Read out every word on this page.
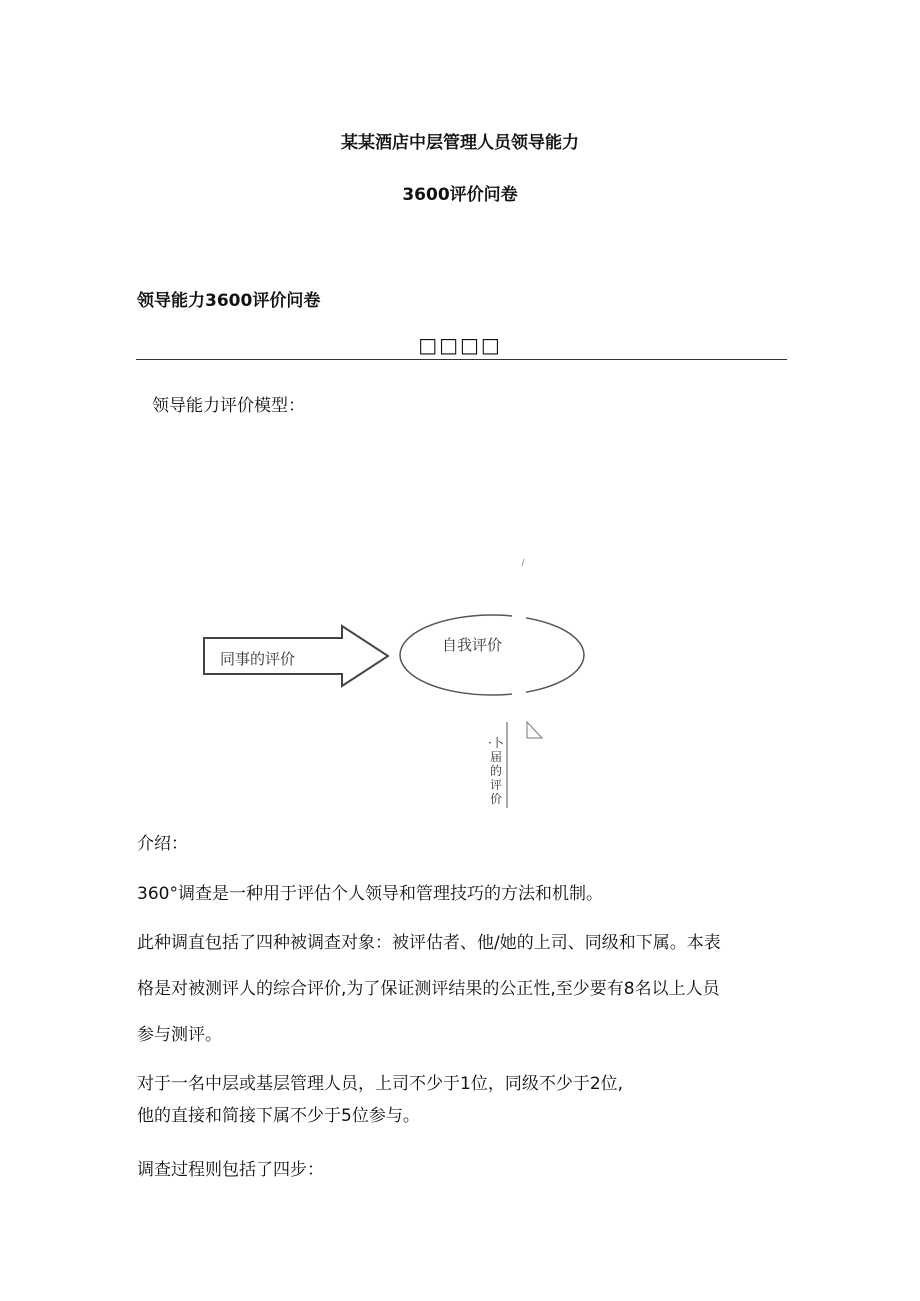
某某酒店中层管理人员领导能力
3600评价问卷
领导能力3600评价问卷
□□□□
领导能力评价模型：
同事的评价
自我评价
·卜届的评价
介绍：
360°调查是一种用于评估个人领导和管理技巧的方法和机制。
此种调直包括了四种被调查对象：被评估者、他/她的上司、同级和下属。本表
格是对被测评人的综合评价,为了保证测评结果的公正性,至少要有8名以上人员
参与测评。
对于一名中层或基层管理人员，上司不少于1位，同级不少于2位,
他的直接和简接下属不少于5位参与。
调查过程则包括了四步：
